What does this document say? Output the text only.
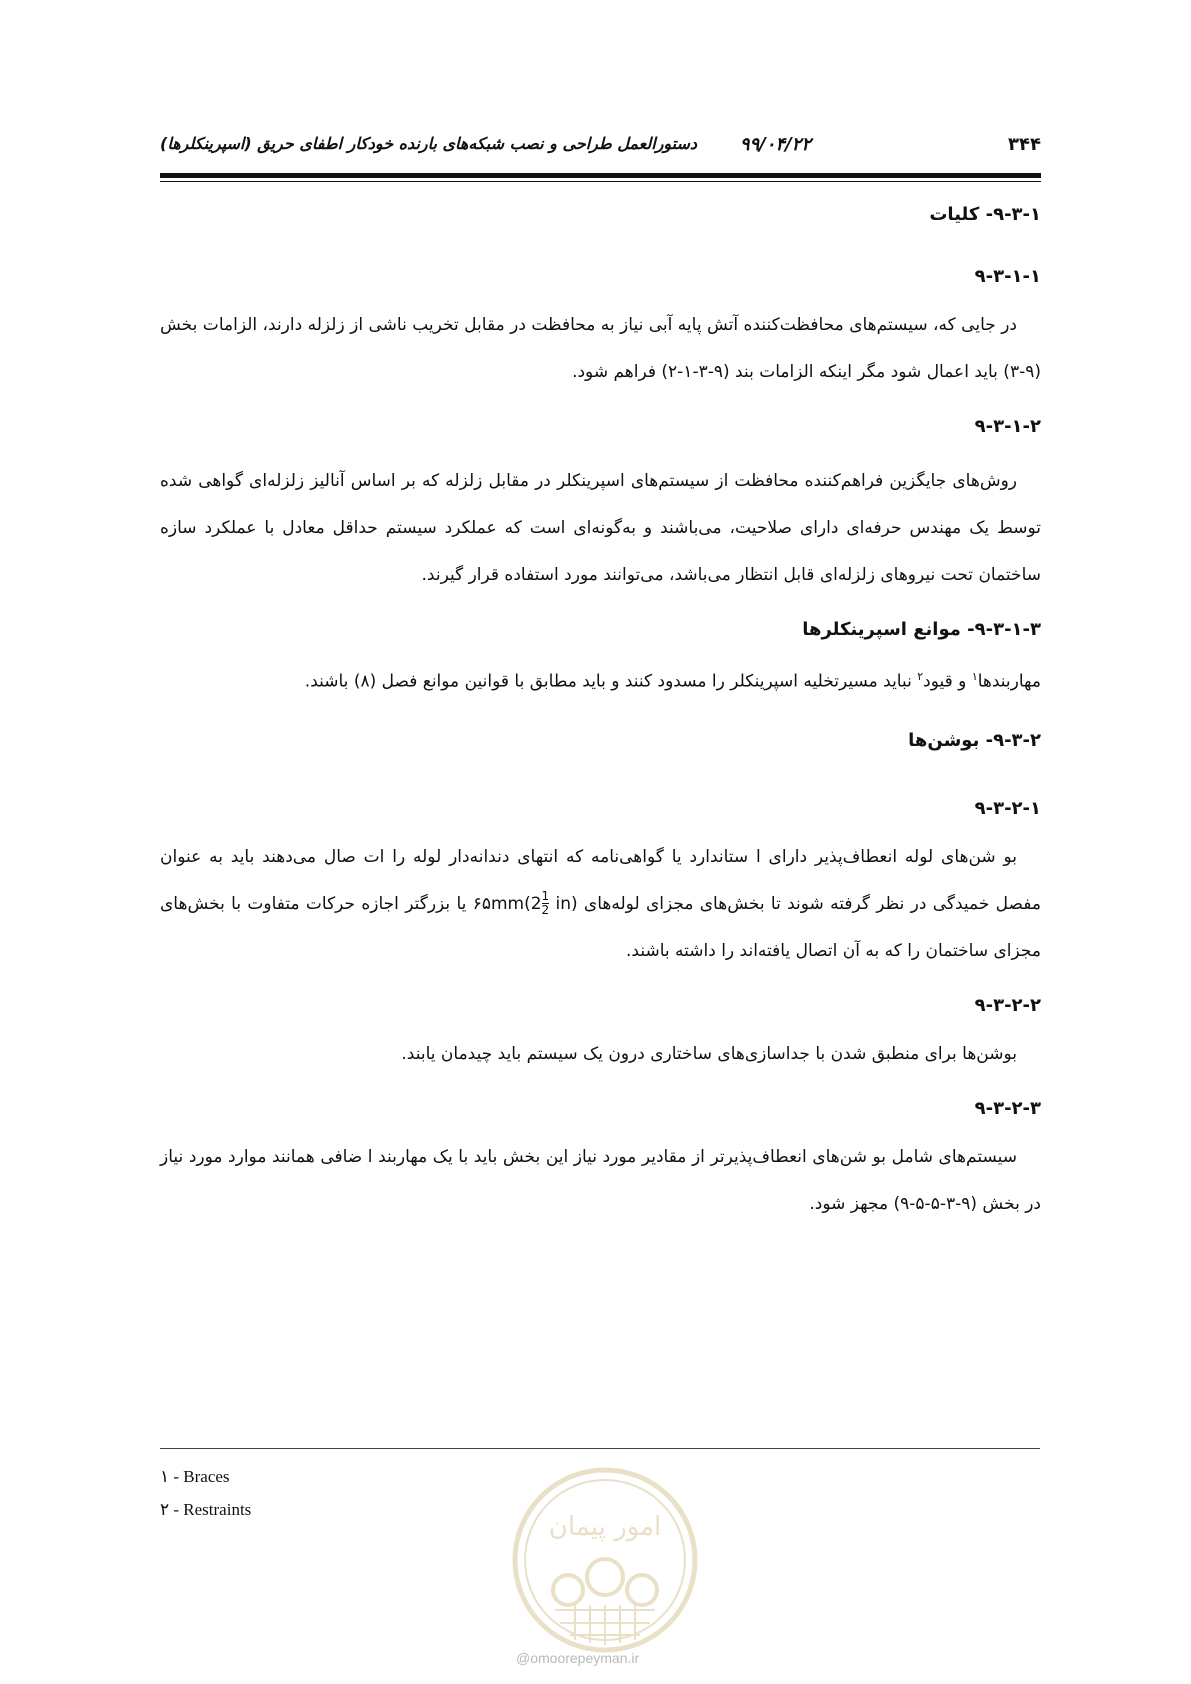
۳۴۴
۹۹/۰۴/۲۲
دستورالعمل طراحی و نصب شبکه‌های بارنده خودکار اطفای حریق (اسپرینکلرها)
۹-۳-۱- کلیات
۹-۳-۱-۱
در جایی که، سیستم‌های محافظت‌کننده آتش پایه آبی نیاز به محافظت در مقابل تخریب ناشی از زلزله دارند، الزامات بخش (۹-۳) باید اعمال شود مگر اینکه الزامات بند (۹-۳-۱-۲) فراهم شود.
۹-۳-۱-۲
روش‌های جایگزین فراهم‌کننده محافظت از سیستم‌های اسپرینکلر در مقابل زلزله که بر اساس آنالیز زلزله‌ای گواهی شده توسط یک مهندس حرفه‌ای دارای صلاحیت، می‌باشند و به‌گونه‌ای است که عملکرد سیستم حداقل معادل با عملکرد سازه ساختمان تحت نیروهای زلزله‌ای قابل انتظار می‌باشد، می‌توانند مورد استفاده قرار گیرند.
۹-۳-۱-۳- موانع اسپرینکلرها
مهاربندها$^۱$ و قیود$^۲$ نباید مسیرتخلیه اسپرینکلر را مسدود کنند و باید مطابق با قوانین موانع فصل (۸) باشند.
۹-۳-۲- بوشن‌ها
۹-۳-۲-۱
بو شن‌های لوله انعطاف‌پذیر دارای ا ستاندارد یا گواهی‌نامه که انتهای دندانه‌دار لوله را ات صال می‌دهند باید به عنوان مفصل خمیدگی در نظر گرفته شوند تا بخش‌های مجزای لوله‌های ۶۵mm(2 $\frac{1}{2}$
in) یا بزرگتر اجازه حرکات متفاوت با بخش‌های مجزای ساختمان را که به آن اتصال یافته‌اند را داشته باشند.
۹-۳-۲-۲
بوشن‌ها برای منطبق شدن با جداسازی‌های ساختاری درون یک سیستم باید چیدمان یابند.
۹-۳-۲-۳
سیستم‌های شامل بو شن‌های انعطاف‌پذیرتر از مقادیر مورد نیاز این بخش باید با یک مهاربند ا ضافی همانند موارد مورد نیاز در بخش (۹-۳-۵-۵-۹) مجهز شود.
۱ - Braces
۲ - Restraints
امور پیمان
@omoorepeyman.ir
